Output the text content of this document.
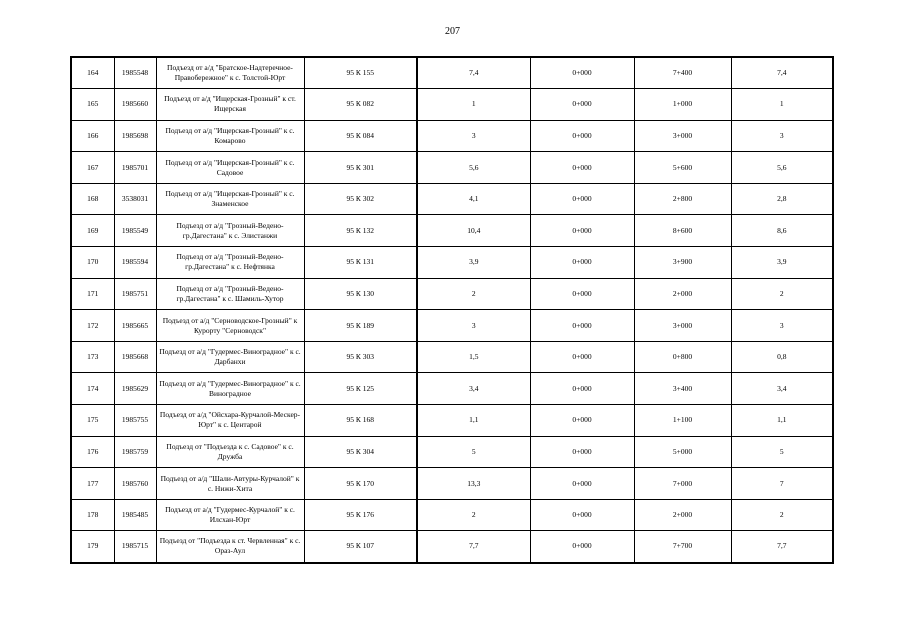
207
164	1985548	Подъезд от а/д "Братское-Надтеречное-Правобережное" к с. Толстой-Юрт	95 К 155	7,4	0+000	7+400	7,4
165	1985660	Подъезд от а/д "Ищерская-Грозный" к ст. Ищерская	95 К 082	1	0+000	1+000	1
166	1985698	Подъезд от а/д "Ищерская-Грозный" к с. Комарово	95 К 084	3	0+000	3+000	3
167	1985701	Подъезд от а/д "Ищерская-Грозный" к с. Садовое	95 К 301	5,6	0+000	5+600	5,6
168	3538031	Подъезд от а/д "Ищерская-Грозный" к с. Знаменское	95 К 302	4,1	0+000	2+800	2,8
169	1985549	Подъезд от а/д "Грозный-Ведено-гр.Дагестана" к с. Элистанжи	95 К 132	10,4	0+000	8+600	8,6
170	1985594	Подъезд от а/д "Грозный-Ведено-гр.Дагестана" к с. Нефтянка	95 К 131	3,9	0+000	3+900	3,9
171	1985751	Подъезд от а/д "Грозный-Ведено-гр.Дагестана" к с. Шамиль-Хутор	95 К 130	2	0+000	2+000	2
172	1985665	Подъезд от а/д "Серноводское-Грозный" к Курорту "Серноводск"	95 К 189	3	0+000	3+000	3
173	1985668	Подъезд от а/д "Гудермес-Виноградное" к с. Дарбанхи	95 К 303	1,5	0+000	0+800	0,8
174	1985629	Подъезд от а/д "Гудермес-Виноградное" к с. Виноградное	95 К 125	3,4	0+000	3+400	3,4
175	1985755	Подъезд от а/д "Ойсхара-Курчалой-Мескер-Юрт" к с. Центарой	95 К 168	1,1	0+000	1+100	1,1
176	1985759	Подъезд от "Подъезда к с. Садовое" к с. Дружба	95 К 304	5	0+000	5+000	5
177	1985760	Подъезд от а/д "Шали-Автуры-Курчалой" к с. Нижи-Хита	95 К 170	13,3	0+000	7+000	7
178	1985485	Подъезд от а/д "Гудермес-Курчалой" к с. Илсхан-Юрт	95 К 176	2	0+000	2+000	2
179	1985715	Подъезд от "Подъезда к ст. Червленная" к с. Ораз-Аул	95 К 107	7,7	0+000	7+700	7,7
